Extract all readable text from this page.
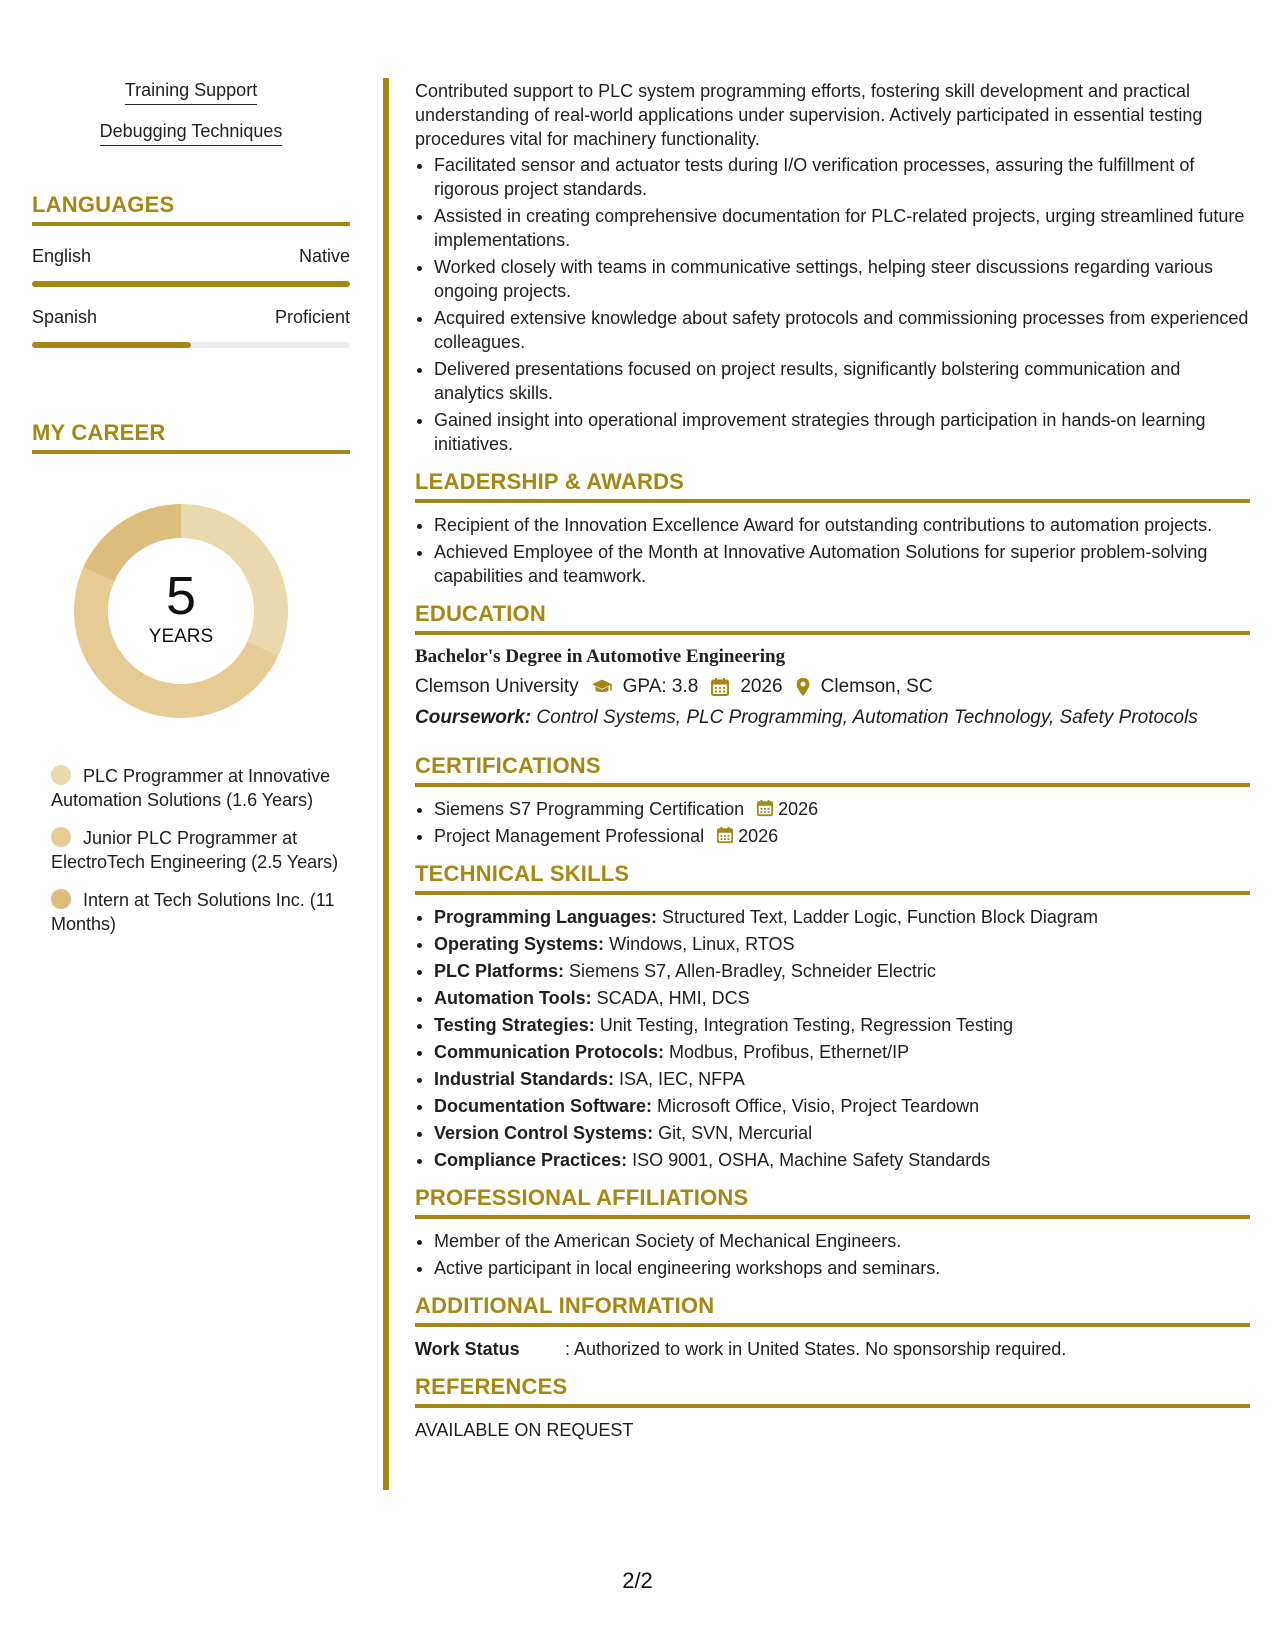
Training Support
Debugging Techniques
LANGUAGES
English	Native
Spanish	Proficient
MY CAREER
5
YEARS
PLC Programmer at Innovative Automation Solutions (1.6 Years)
Junior PLC Programmer at ElectroTech Engineering (2.5 Years)
Intern at Tech Solutions Inc. (11 Months)

Contributed support to PLC system programming efforts, fostering skill development and practical understanding of real-world applications under supervision. Actively participated in essential testing procedures vital for machinery functionality.

• Facilitated sensor and actuator tests during I/O verification processes, assuring the fulfillment of rigorous project standards.
• Assisted in creating comprehensive documentation for PLC-related projects, urging streamlined future implementations.
• Worked closely with teams in communicative settings, helping steer discussions regarding various ongoing projects.
• Acquired extensive knowledge about safety protocols and commissioning processes from experienced colleagues.
• Delivered presentations focused on project results, significantly bolstering communication and analytics skills.
• Gained insight into operational improvement strategies through participation in hands-on learning initiatives.
LEADERSHIP & AWARDS
• Recipient of the Innovation Excellence Award for outstanding contributions to automation projects.
• Achieved Employee of the Month at Innovative Automation Solutions for superior problem-solving capabilities and teamwork.
EDUCATION
Bachelor's Degree in Automotive Engineering
Clemson University GPA: 3.8 2026 Clemson, SC
Coursework: Control Systems, PLC Programming, Automation Technology, Safety Protocols
CERTIFICATIONS
• Siemens S7 Programming Certification 2026
• Project Management Professional 2026
TECHNICAL SKILLS
• Programming Languages: Structured Text, Ladder Logic, Function Block Diagram
• Operating Systems: Windows, Linux, RTOS
• PLC Platforms: Siemens S7, Allen-Bradley, Schneider Electric
• Automation Tools: SCADA, HMI, DCS
• Testing Strategies: Unit Testing, Integration Testing, Regression Testing
• Communication Protocols: Modbus, Profibus, Ethernet/IP
• Industrial Standards: ISA, IEC, NFPA
• Documentation Software: Microsoft Office, Visio, Project Teardown
• Version Control Systems: Git, SVN, Mercurial
• Compliance Practices: ISO 9001, OSHA, Machine Safety Standards
PROFESSIONAL AFFILIATIONS
• Member of the American Society of Mechanical Engineers.
• Active participant in local engineering workshops and seminars.
ADDITIONAL INFORMATION
Work Status	: Authorized to work in United States. No sponsorship required.
REFERENCES
AVAILABLE ON REQUEST
2/2
